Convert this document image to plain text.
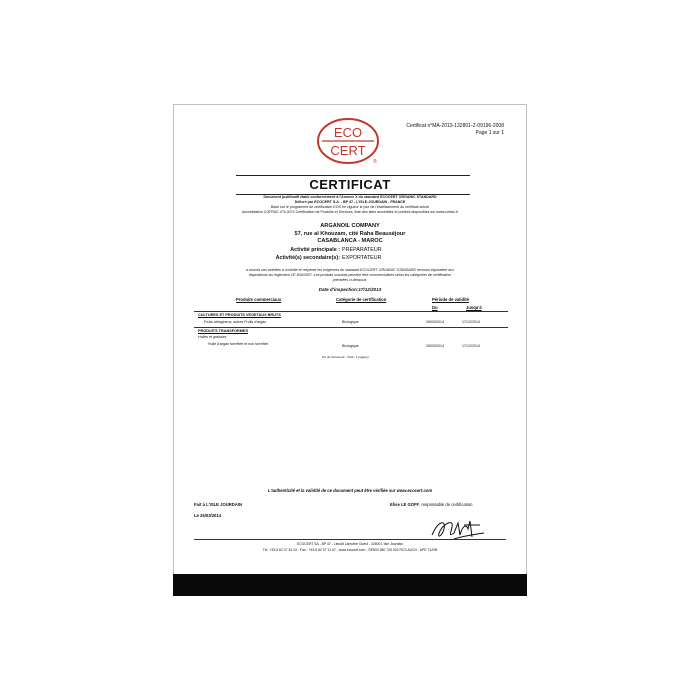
ECO
CERT
®
Certificat n°MA-2013-132801-Z-09196-2008
Page 1 sur 1
CERTIFICAT
Document justificatif établi conformément à l'Annexe X du standard ECOCERT ORGANIC STANDARD
Délivré par ECOCERT S.A. - BP 47 - L'ISLE-JOURDAIN - FRANCE
Basé sur le programme de certification EOS en vigueur le jour de l'établissement du certificat actuel
Accréditation COFRAC n°5-0074 Certification de Produits et Services, liste des sites accrédités et portées disponibles sur www.cofrac.fr
ARGANOIL COMPANY
57, rue al Khouzam, cité Raha Beauséjour
CASABLANCA - MAROC
Activité principale :
Activité(s) secondaire(s):
PREPARATEUR
EXPORTATEUR
a soumis ses activités à contrôle et respecte les exigences du standard ECOCERT ORGANIC STANDARD reconnu équivalent aux
dispositions du règlement CE 834/2007. Les produits suivants peuvent être commercialisés selon les catégories de certification
précisées ci-dessous:
Date d'inspection:17/12/2013
Produits commerciaux	Catégorie de certification	Période de validité
Du	Jusqu'à
CULTURES ET PRODUITS VEGETAUX BRUTS
Fruits oléagineux, autres Fruits d'argan	Biologique	26/03/2014	17/12/2014
PRODUITS TRANSFORMES
Huiles et graisses
Huile d'argan torréfiée et non torréfiée	Biologique	26/03/2014	17/12/2014
Fin du document - Total : 1 page(s)
L'authenticité et la validité de ce document peut être vérifiée sur www.ecocert.com
Fait à L'ISLE JOURDAIN
Le 26/03/2014
Elise LE GOFF, responsable de certification
ECOCERT SA - BP 47 - Lieudit Lamothe Ouest - 32600 L'Isle Jourdain
Tél. +33-5 62 07 34 24 - Fax : +33-5 62 07 11 67 - www.ecocert.com - SIREN 380 725 002 RCS AUCH - APE 7120B
